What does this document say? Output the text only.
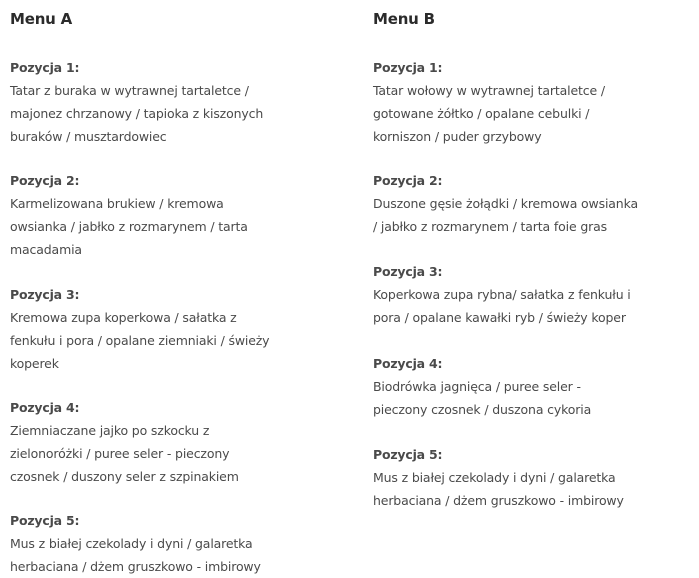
Menu A
Pozycja 1:
Tatar z buraka w wytrawnej tartaletce /
majonez chrzanowy / tapioka z kiszonych
buraków / musztardowiec
Pozycja 2:
Karmelizowana brukiew / kremowa
owsianka / jabłko z rozmarynem / tarta
macadamia
Pozycja 3:
Kremowa zupa koperkowa / sałatka z
fenkułu i pora / opalane ziemniaki / świeży
koperek
Pozycja 4:
Ziemniaczane jajko po szkocku z
zielonoróżki / puree seler - pieczony
czosnek / duszony seler z szpinakiem
Pozycja 5:
Mus z białej czekolady i dyni / galaretka
herbaciana / dżem gruszkowo - imbirowy
Menu B
Pozycja 1:
Tatar wołowy w wytrawnej tartaletce /
gotowane żółtko / opalane cebulki /
korniszon / puder grzybowy
Pozycja 2:
Duszone gęsie żołądki / kremowa owsianka
/ jabłko z rozmarynem / tarta foie gras
Pozycja 3:
Koperkowa zupa rybna/ sałatka z fenkułu i
pora / opalane kawałki ryb / świeży koper
Pozycja 4:
Biodrówka jagnięca / puree seler -
pieczony czosnek / duszona cykoria
Pozycja 5:
Mus z białej czekolady i dyni / galaretka
herbaciana / dżem gruszkowo - imbirowy
